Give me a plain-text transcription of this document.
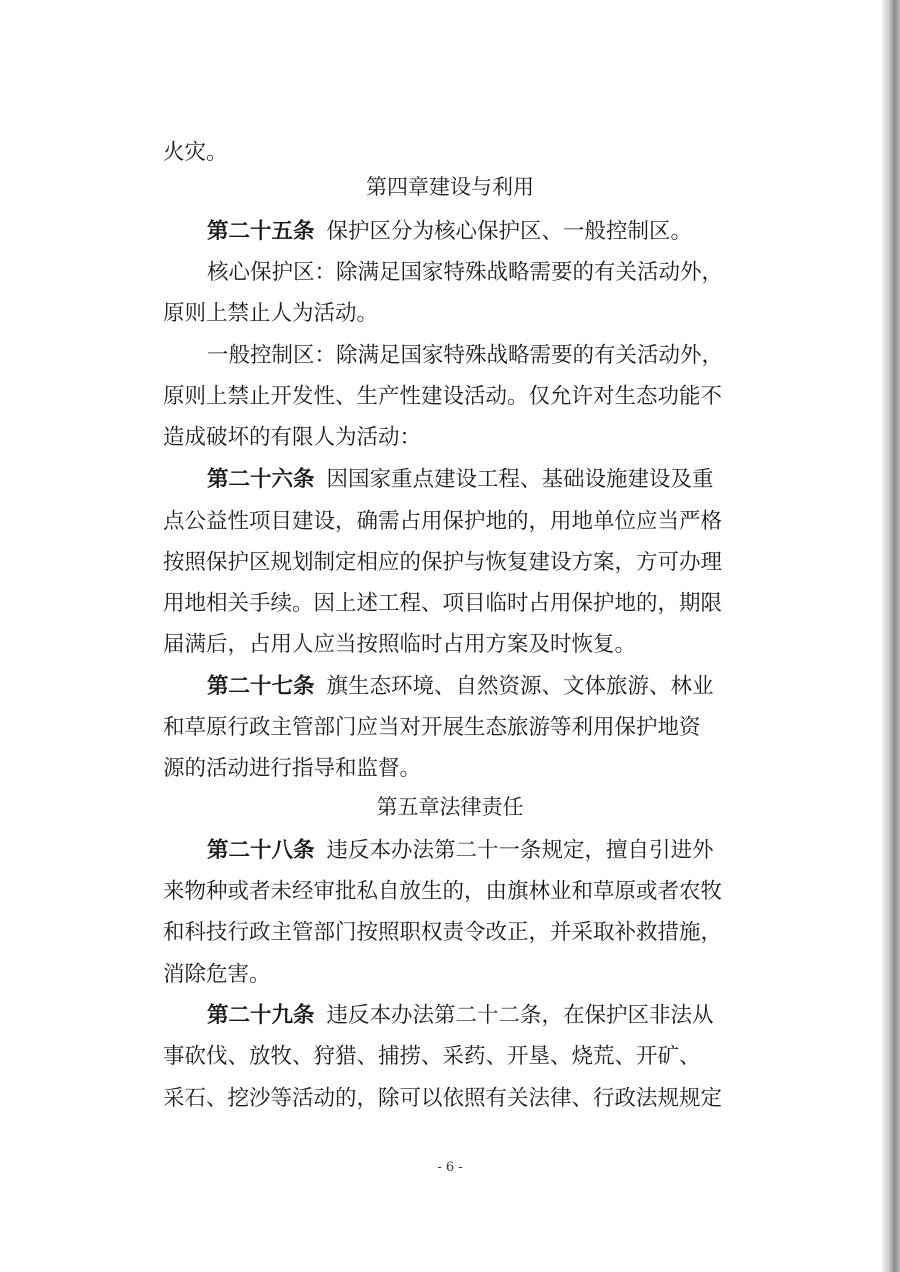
火灾。
第四章建设与利用
第二十五条 保护区分为核心保护区、一般控制区。
核心保护区：除满足国家特殊战略需要的有关活动外，
原则上禁止人为活动。
一般控制区：除满足国家特殊战略需要的有关活动外，
原则上禁止开发性、生产性建设活动。仅允许对生态功能不
造成破坏的有限人为活动：
第二十六条 因国家重点建设工程、基础设施建设及重
点公益性项目建设，确需占用保护地的，用地单位应当严格
按照保护区规划制定相应的保护与恢复建设方案，方可办理
用地相关手续。因上述工程、项目临时占用保护地的，期限
届满后，占用人应当按照临时占用方案及时恢复。
第二十七条 旗生态环境、自然资源、文体旅游、林业
和草原行政主管部门应当对开展生态旅游等利用保护地资
源的活动进行指导和监督。
第五章法律责任
第二十八条 违反本办法第二十一条规定，擅自引进外
来物种或者未经审批私自放生的，由旗林业和草原或者农牧
和科技行政主管部门按照职权责令改正，并采取补救措施，
消除危害。
第二十九条 违反本办法第二十二条，在保护区非法从
事砍伐、放牧、狩猎、捕捞、采药、开垦、烧荒、开矿、
采石、挖沙等活动的，除可以依照有关法律、行政法规规定
- 6 -
